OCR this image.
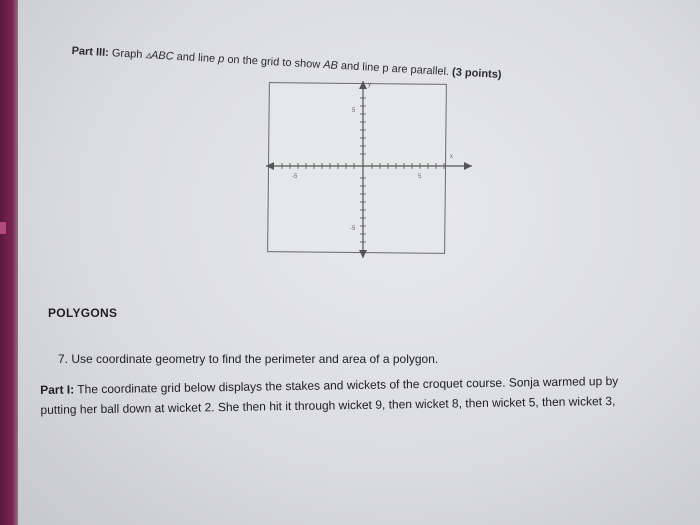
Part III: Graph ▵ABC and line p on the grid to show AB and line p are parallel. (3 points)
y
x
5
-5
-5	5
POLYGONS
7. Use coordinate geometry to find the perimeter and area of a polygon.
Part I: The coordinate grid below displays the stakes and wickets of the croquet course. Sonja warmed up by
putting her ball down at wicket 2. She then hit it through wicket 9, then wicket 8, then wicket 5, then wicket 3,
